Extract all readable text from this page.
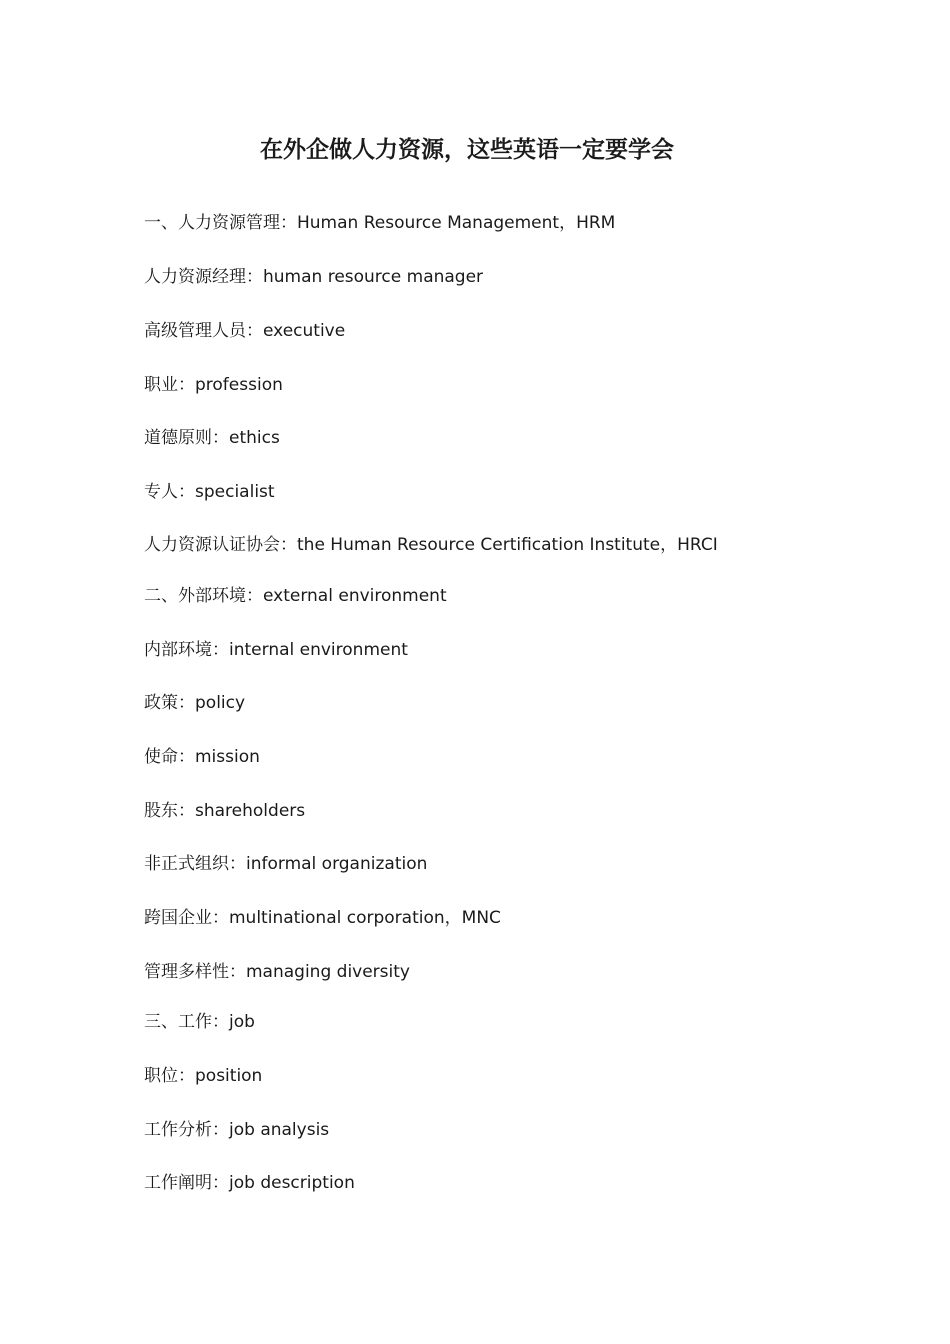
在外企做人力资源，这些英语一定要学会
一、人力资源管理：Human Resource Management，HRM
人力资源经理：human resource manager
高级管理人员：executive
职业：profession
道德原则：ethics
专人：specialist
人力资源认证协会：the Human Resource Certification Institute，HRCI
二、外部环境：external environment
内部环境：internal environment
政策：policy
使命：mission
股东：shareholders
非正式组织：informal organization
跨国企业：multinational corporation，MNC
管理多样性：managing diversity
三、工作：job
职位：position
工作分析：job analysis
工作阐明：job description
